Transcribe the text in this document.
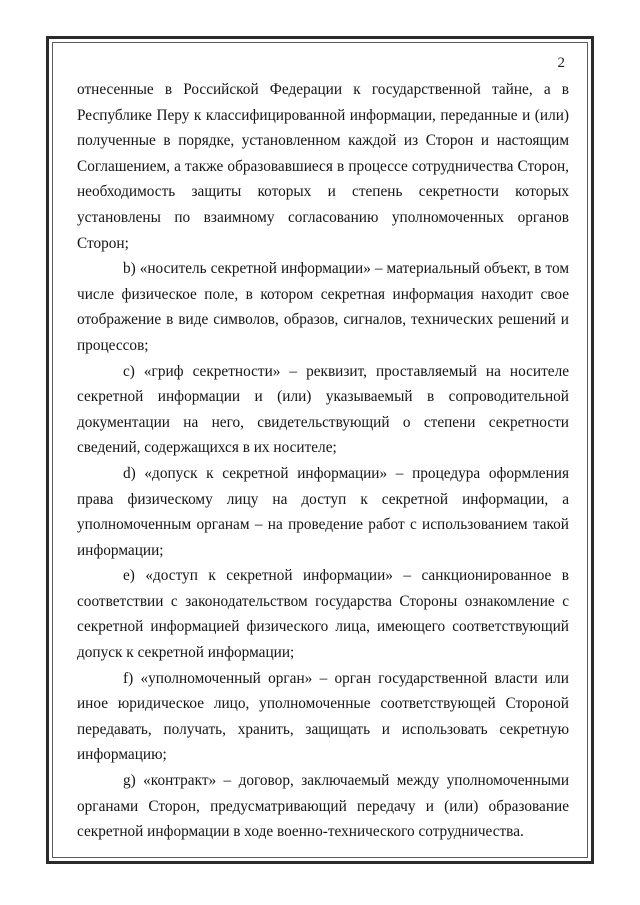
2

отнесенные в Российской Федерации к государственной тайне, а в Республике Перу к классифицированной информации, переданные и (или) полученные в порядке, установленном каждой из Сторон и настоящим Соглашением, а также образовавшиеся в процессе сотрудничества Сторон, необходимость защиты которых и степень секретности которых установлены по взаимному согласованию уполномоченных органов Сторон;

b) «носитель секретной информации» – материальный объект, в том числе физическое поле, в котором секретная информация находит свое отображение в виде символов, образов, сигналов, технических решений и процессов;

c) «гриф секретности» – реквизит, проставляемый на носителе секретной информации и (или) указываемый в сопроводительной документации на него, свидетельствующий о степени секретности сведений, содержащихся в их носителе;

d) «допуск к секретной информации» – процедура оформления права физическому лицу на доступ к секретной информации, а уполномоченным органам – на проведение работ с использованием такой информации;

e) «доступ к секретной информации» – санкционированное в соответствии с законодательством государства Стороны ознакомление с секретной информацией физического лица, имеющего соответствующий допуск к секретной информации;

f) «уполномоченный орган» – орган государственной власти или иное юридическое лицо, уполномоченные соответствующей Стороной передавать, получать, хранить, защищать и использовать секретную информацию;

g) «контракт» – договор, заключаемый между уполномоченными органами Сторон, предусматривающий передачу и (или) образование секретной информации в ходе военно-технического сотрудничества.
